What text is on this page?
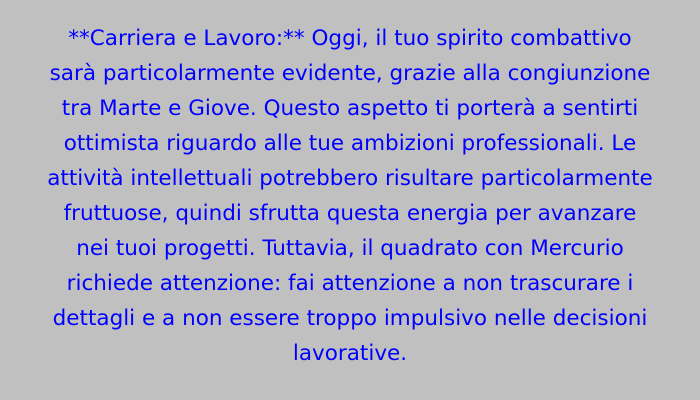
**Carriera e Lavoro:** Oggi, il tuo spirito combattivo
sarà particolarmente evidente, grazie alla congiunzione
tra Marte e Giove. Questo aspetto ti porterà a sentirti
ottimista riguardo alle tue ambizioni professionali. Le
attività intellettuali potrebbero risultare particolarmente
fruttuose, quindi sfrutta questa energia per avanzare
nei tuoi progetti. Tuttavia, il quadrato con Mercurio
richiede attenzione: fai attenzione a non trascurare i
dettagli e a non essere troppo impulsivo nelle decisioni
lavorative.
